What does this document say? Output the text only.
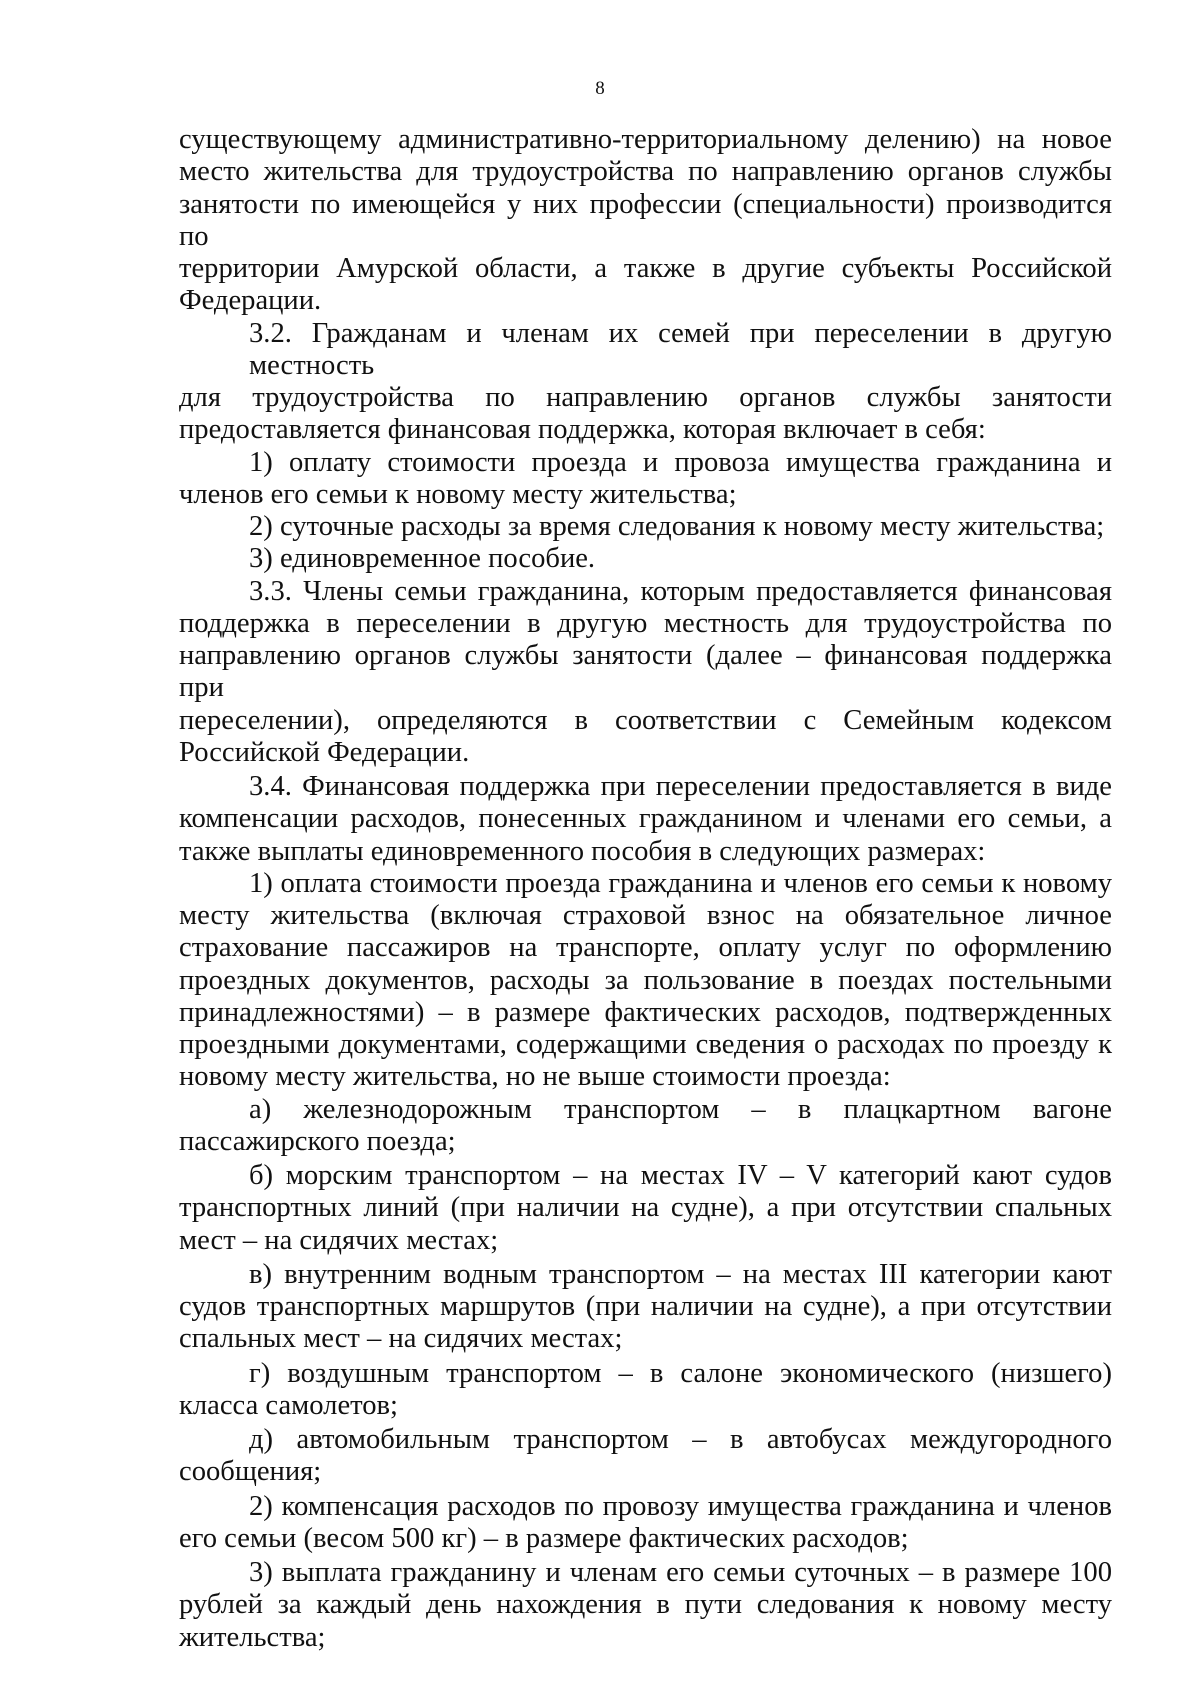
8
существующему административно-территориальному делению) на новое
место жительства для трудоустройства по направлению органов службы
занятости по имеющейся у них профессии (специальности) производится по
территории Амурской области, а также в другие субъекты Российской
Федерации.
3.2. Гражданам и членам их семей при переселении в другую местность
для трудоустройства по направлению органов службы занятости
предоставляется финансовая поддержка, которая включает в себя:
1) оплату стоимости проезда и провоза имущества гражданина и
членов его семьи к новому месту жительства;
2) суточные расходы за время следования к новому месту жительства;
3) единовременное пособие.
3.3. Члены семьи гражданина, которым предоставляется финансовая
поддержка в переселении в другую местность для трудоустройства по
направлению органов службы занятости (далее – финансовая поддержка при
переселении), определяются в соответствии с Семейным кодексом
Российской Федерации.
3.4. Финансовая поддержка при переселении предоставляется в виде
компенсации расходов, понесенных гражданином и членами его семьи, а
также выплаты единовременного пособия в следующих размерах:
1) оплата стоимости проезда гражданина и членов его семьи к новому
месту жительства (включая страховой взнос на обязательное личное
страхование пассажиров на транспорте, оплату услуг по оформлению
проездных документов, расходы за пользование в поездах постельными
принадлежностями) – в размере фактических расходов, подтвержденных
проездными документами, содержащими сведения о расходах по проезду к
новому месту жительства, но не выше стоимости проезда:
а) железнодорожным транспортом – в плацкартном вагоне
пассажирского поезда;
б) морским транспортом – на местах IV – V категорий кают судов
транспортных линий (при наличии на судне), а при отсутствии спальных
мест – на сидячих местах;
в) внутренним водным транспортом – на местах III категории кают
судов транспортных маршрутов (при наличии на судне), а при отсутствии
спальных мест – на сидячих местах;
г) воздушным транспортом – в салоне экономического (низшего)
класса самолетов;
д) автомобильным транспортом – в автобусах междугородного
сообщения;
2) компенсация расходов по провозу имущества гражданина и членов
его семьи (весом 500 кг) – в размере фактических расходов;
3) выплата гражданину и членам его семьи суточных – в размере 100
рублей за каждый день нахождения в пути следования к новому месту
жительства;
